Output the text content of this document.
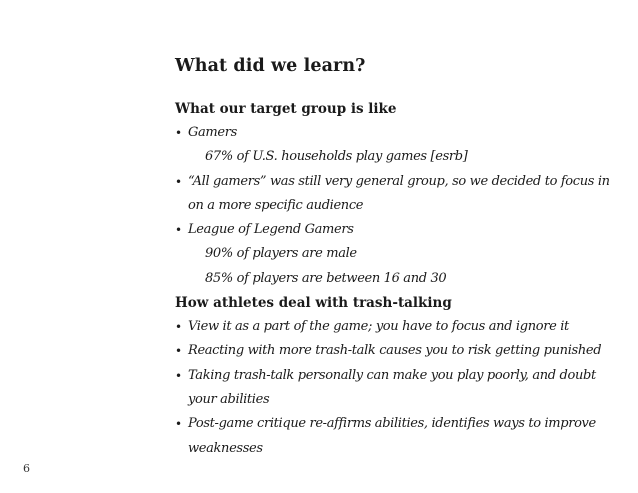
What did we learn?
What our target group is like
• Gamers
67% of U.S. households play games [esrb]
• “All gamers” was still very general group, so we decided to focus in on a more specific audience
• League of Legend Gamers
90% of players are male
85% of players are between 16 and 30
How athletes deal with trash-talking
• View it as a part of the game; you have to focus and ignore it
• Reacting with more trash-talk causes you to risk getting punished
• Taking trash-talk personally can make you play poorly, and doubt your abilities
• Post-game critique re-affirms abilities, identifies ways to improve weaknesses
6
